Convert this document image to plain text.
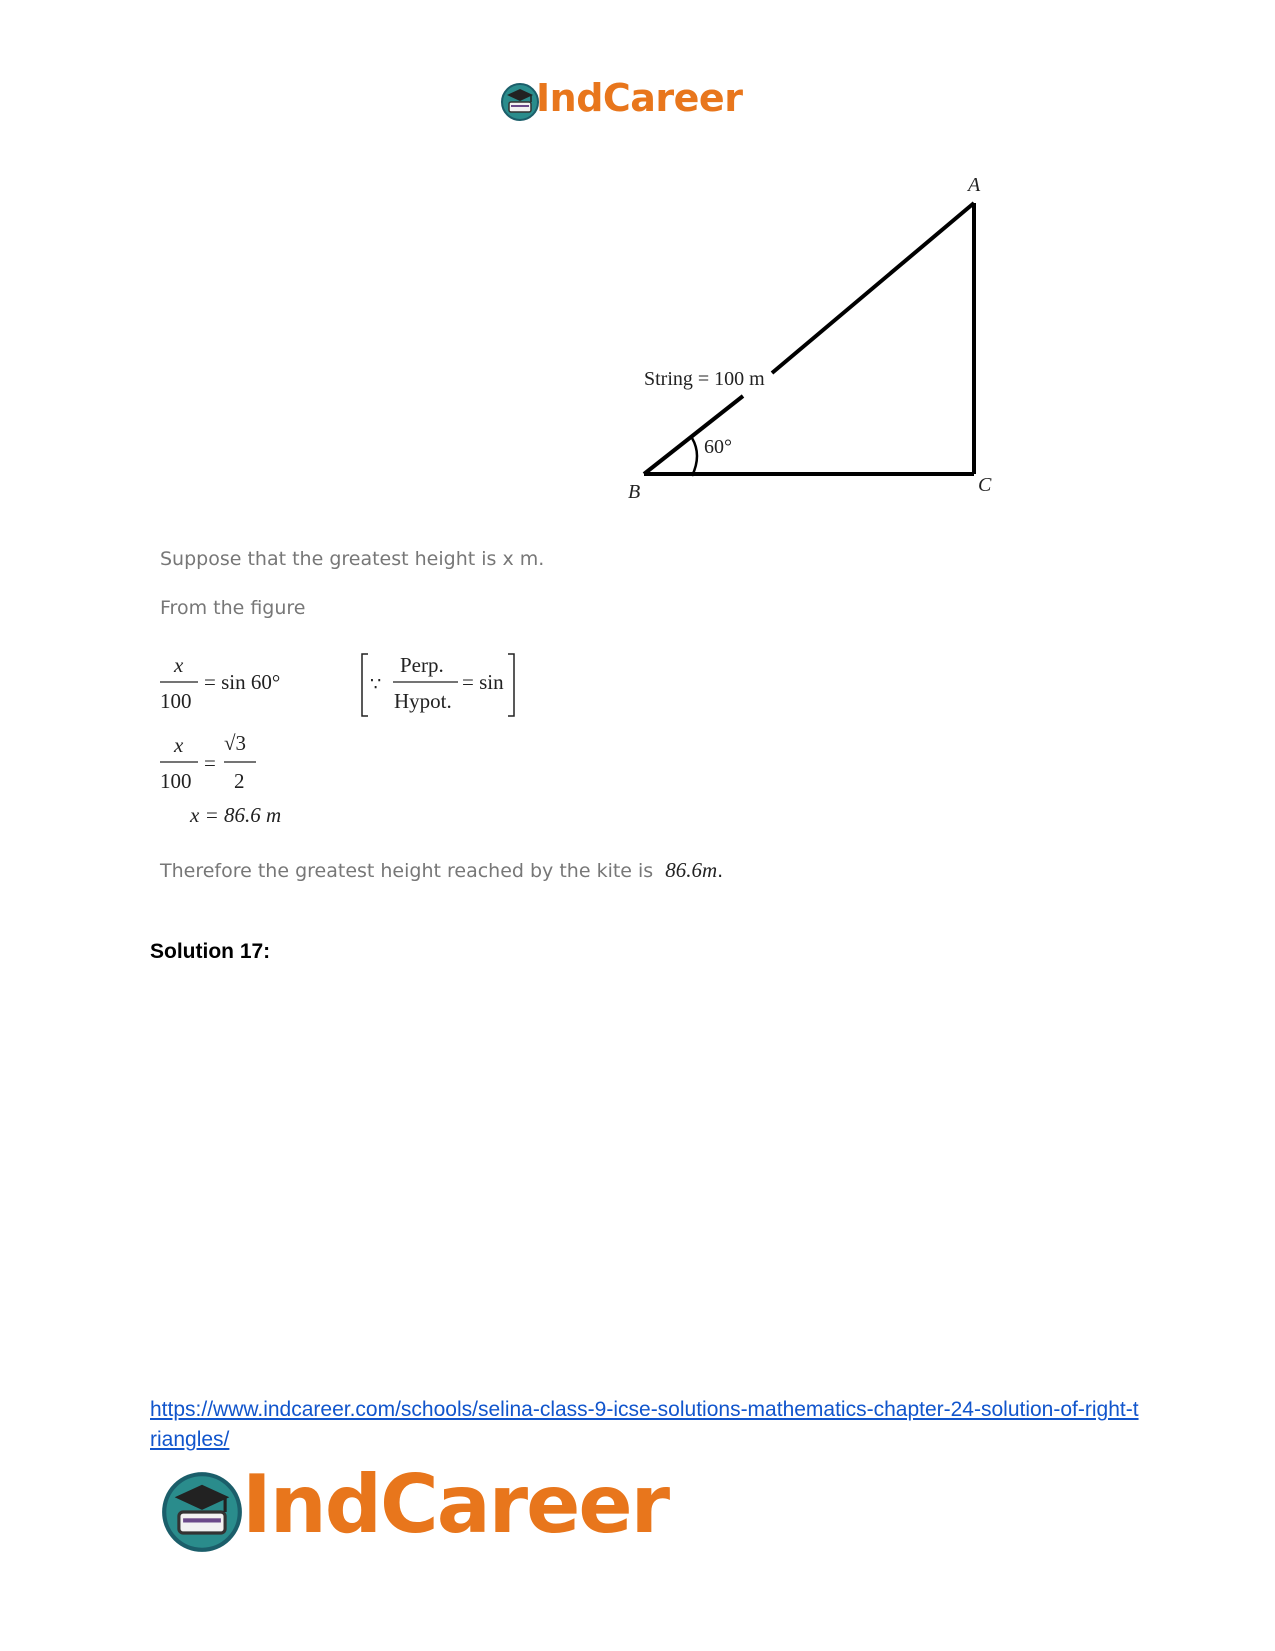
IndCareer
A
B	C
String = 100 m
60°
Suppose that the greatest height is x m.
From the figure
x
100
= sin 60°	∵
Perp.
Hypot.
= sin
x
100
=
√3
2
x = 86.6 m
Therefore the greatest height reached by the kite is 86.6m.
Solution 17:
https://www.indcareer.com/schools/selina-class-9-icse-solutions-mathematics-chapter-24-solution-of-right-triangles/
IndCareer
